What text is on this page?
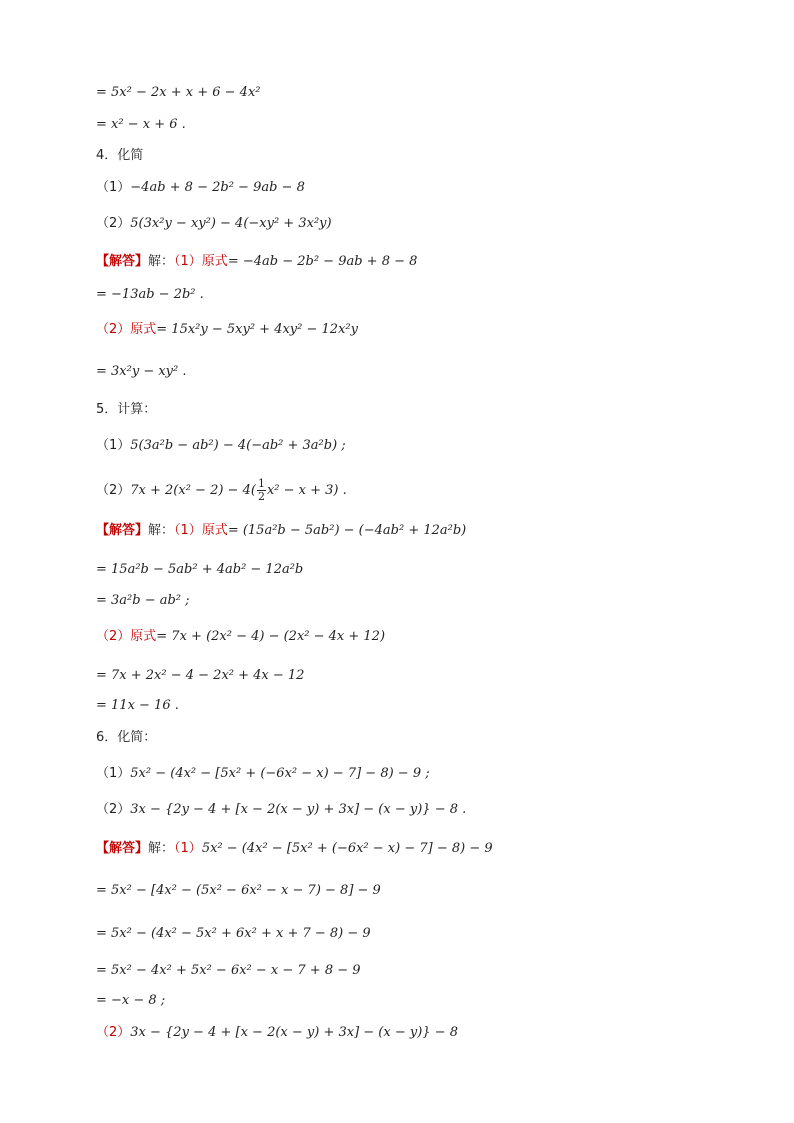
= 5x² − 2x + x + 6 − 4x²
= x² − x + 6 .
4．化简
（1）−4ab + 8 − 2b² − 9ab − 8
（2）5(3x²y − xy²) − 4(−xy² + 3x²y)
【解答】解：（1）原式= −4ab − 2b² − 9ab + 8 − 8
= −13ab − 2b² .
（2）原式= 15x²y − 5xy² + 4xy² − 12x²y
= 3x²y − xy² .
5．计算：
（1）5(3a²b − ab²) − 4(−ab² + 3a²b) ;
$(2)7x + 2(x^2 - 2) - 4( \frac{1}{2} x^2 - x + 3)$ .
【解答】解：（1）原式= (15a²b − 5ab²) − (−4ab² + 12a²b)
= 15a²b − 5ab² + 4ab² − 12a²b
= 3a²b − ab² ;
（2）原式= 7x + (2x² − 4) − (2x² − 4x + 12)
= 7x + 2x² − 4 − 2x² + 4x − 12
= 11x − 16 .
6．化简：
（1）5x² − (4x² − [5x² + (−6x² − x) − 7] − 8) − 9 ;
（2）3x − {2y − 4 + [x − 2(x − y) + 3x] − (x − y)} − 8 .
【解答】解：（1）5x² − (4x² − [5x² + (−6x² − x) − 7] − 8) − 9
= 5x² − [4x² − (5x² − 6x² − x − 7) − 8] − 9
= 5x² − (4x² − 5x² + 6x² + x + 7 − 8) − 9
= 5x² − 4x² + 5x² − 6x² − x − 7 + 8 − 9
= −x − 8 ;
（2）3x − {2y − 4 + [x − 2(x − y) + 3x] − (x − y)} − 8
